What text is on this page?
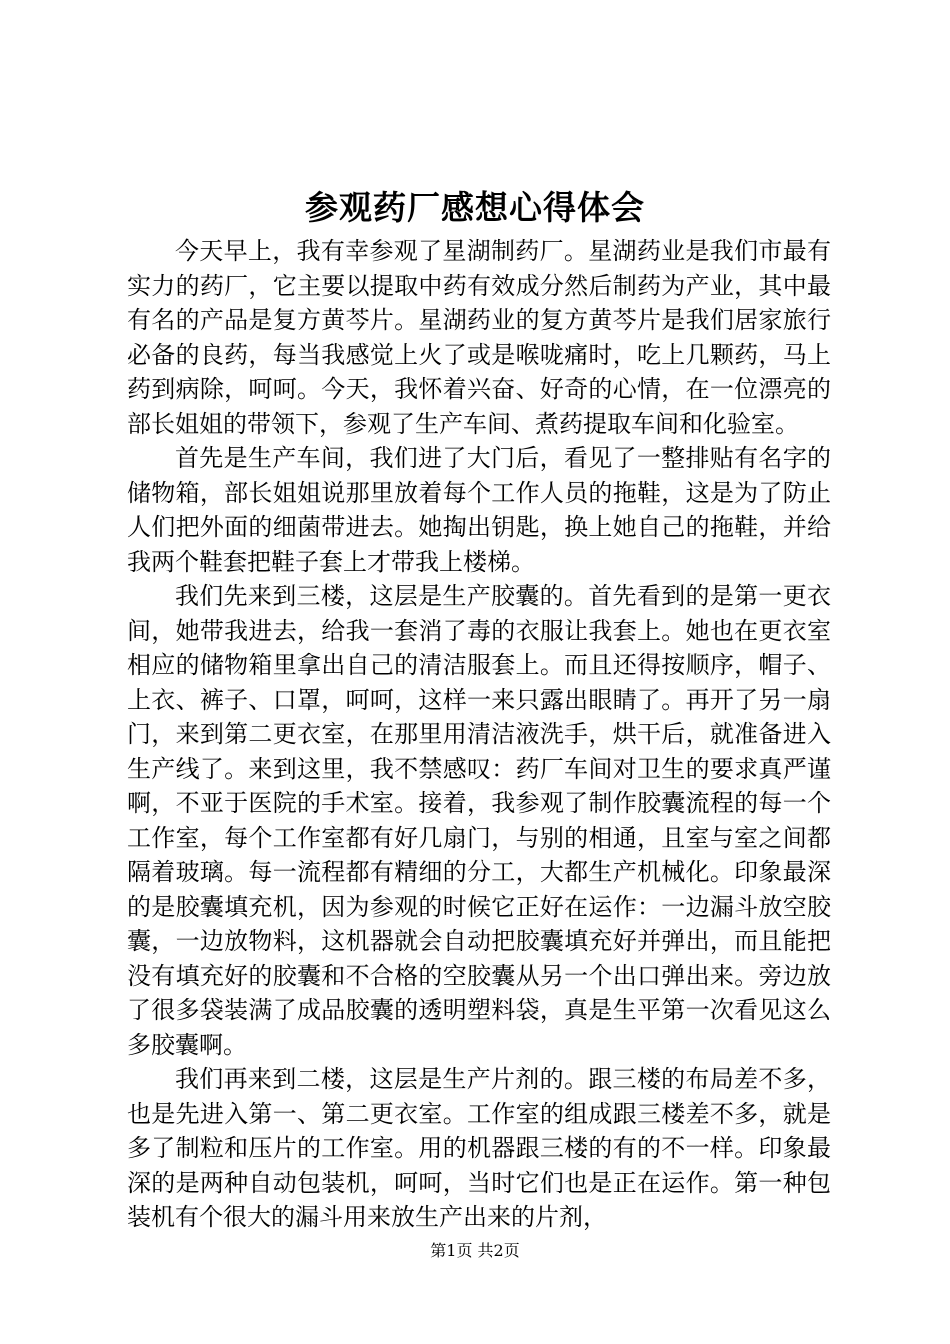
参观药厂感想心得体会

今天早上，我有幸参观了星湖制药厂。星湖药业是我们市最有实力的药厂，它主要以提取中药有效成分然后制药为产业，其中最有名的产品是复方黄芩片。星湖药业的复方黄芩片是我们居家旅行必备的良药，每当我感觉上火了或是喉咙痛时，吃上几颗药，马上药到病除，呵呵。今天，我怀着兴奋、好奇的心情，在一位漂亮的部长姐姐的带领下，参观了生产车间、煮药提取车间和化验室。

首先是生产车间，我们进了大门后，看见了一整排贴有名字的储物箱，部长姐姐说那里放着每个工作人员的拖鞋，这是为了防止人们把外面的细菌带进去。她掏出钥匙，换上她自己的拖鞋，并给我两个鞋套把鞋子套上才带我上楼梯。

我们先来到三楼，这层是生产胶囊的。首先看到的是第一更衣间，她带我进去，给我一套消了毒的衣服让我套上。她也在更衣室相应的储物箱里拿出自己的清洁服套上。而且还得按顺序，帽子、上衣、裤子、口罩，呵呵，这样一来只露出眼睛了。再开了另一扇门，来到第二更衣室，在那里用清洁液洗手，烘干后，就准备进入生产线了。来到这里，我不禁感叹：药厂车间对卫生的要求真严谨啊，不亚于医院的手术室。接着，我参观了制作胶囊流程的每一个工作室，每个工作室都有好几扇门，与别的相通，且室与室之间都隔着玻璃。每一流程都有精细的分工，大都生产机械化。印象最深的是胶囊填充机，因为参观的时候它正好在运作：一边漏斗放空胶囊，一边放物料，这机器就会自动把胶囊填充好并弹出，而且能把没有填充好的胶囊和不合格的空胶囊从另一个出口弹出来。旁边放了很多袋装满了成品胶囊的透明塑料袋，真是生平第一次看见这么多胶囊啊。

我们再来到二楼，这层是生产片剂的。跟三楼的布局差不多，也是先进入第一、第二更衣室。工作室的组成跟三楼差不多，就是多了制粒和压片的工作室。用的机器跟三楼的有的不一样。印象最深的是两种自动包装机，呵呵，当时它们也是正在运作。第一种包装机有个很大的漏斗用来放生产出来的片剂，

第1页 共2页
